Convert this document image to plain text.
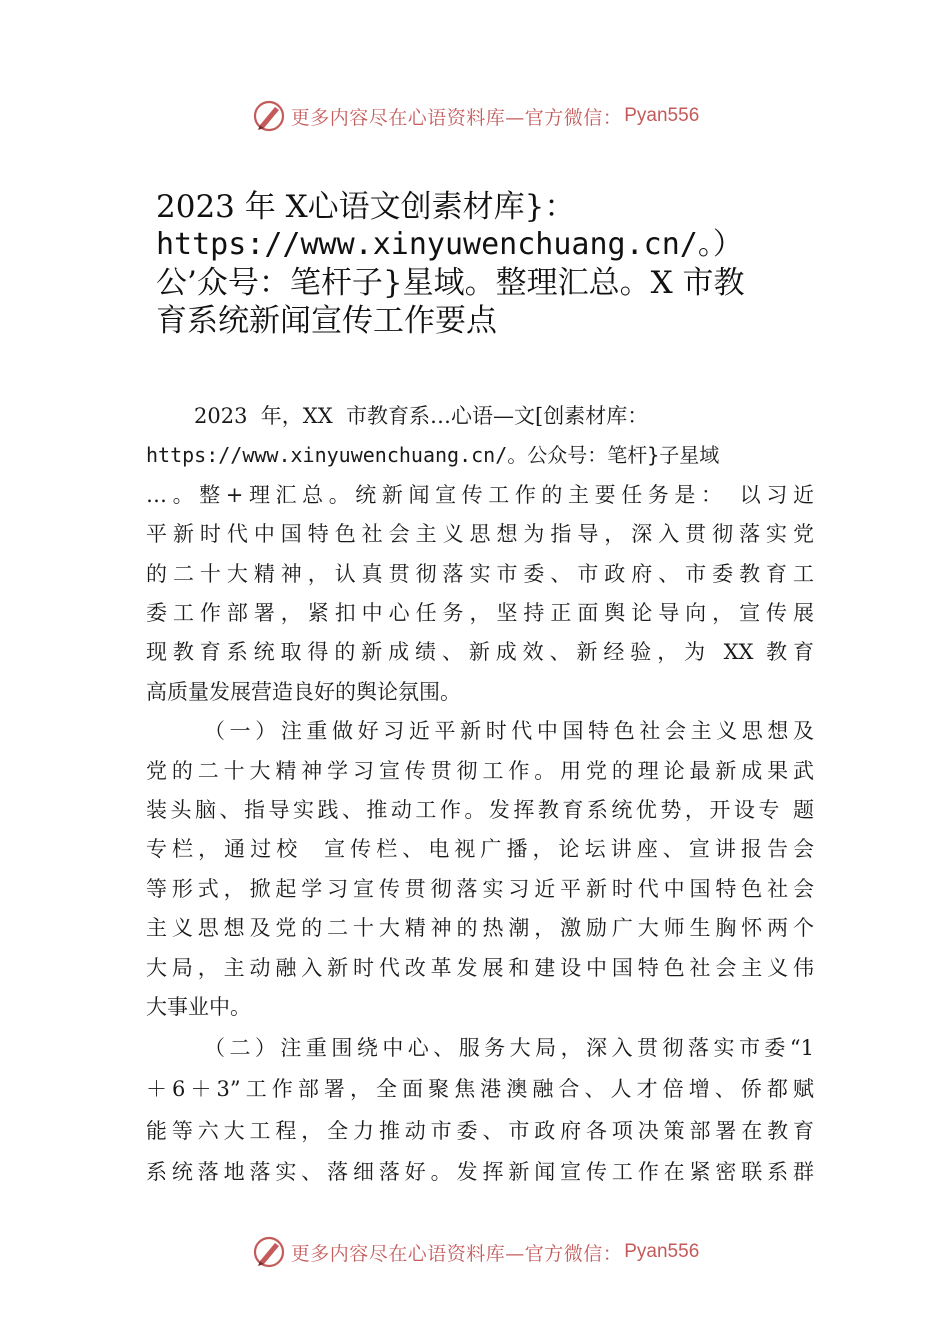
更多内容尽在心语资料库—官方微信： Pyan556
2023 年 X心语文创素材库}：
https://www.xinyuwenchuang.cn/。）
公’众号：笔杆子}星域。整理汇总。X 市教
育系统新闻宣传工作要点

2023  年，XX  市教育系…心语—文[创素材库：
https://www.xinyuwenchuang.cn/。公众号：笔杆}子星域
…。整+理汇总。统新闻宣传工作的主要任务是： 以习近
平新时代中国特色社会主义思想为指导，深入贯彻落实党
的二十大精神，认真贯彻落实市委、市政府、市委教育工
委工作部署，紧扣中心任务，坚持正面舆论导向，宣传展
现教育系统取得的新成绩、新成效、新经验，为 XX 教育
高质量发展营造良好的舆论氛围。

（一）注重做好习近平新时代中国特色社会主义思想及
党的二十大精神学习宣传贯彻工作。用党的理论最新成果武
装头脑、指导实践、推动工作。发挥教育系统优势，开设专 题
专栏，通过校宣传栏、电视广播，论坛讲座、宣讲报告会
等形式，掀起学习宣传贯彻落实习近平新时代中国特色社会
主义思想及党的二十大精神的热潮，激励广大师生胸怀两个
大局，主动融入新时代改革发展和建设中国特色社会主义伟
大事业中。

（二）注重围绕中心、服务大局，深入贯彻落实市委“1
＋6＋3”工作部署，全面聚焦港澳融合、人才倍增、侨都赋
能等六大工程，全力推动市委、市政府各项决策部署在教育
系统落地落实、落细落好。发挥新闻宣传工作在紧密联系群

更多内容尽在心语资料库—官方微信： Pyan556
